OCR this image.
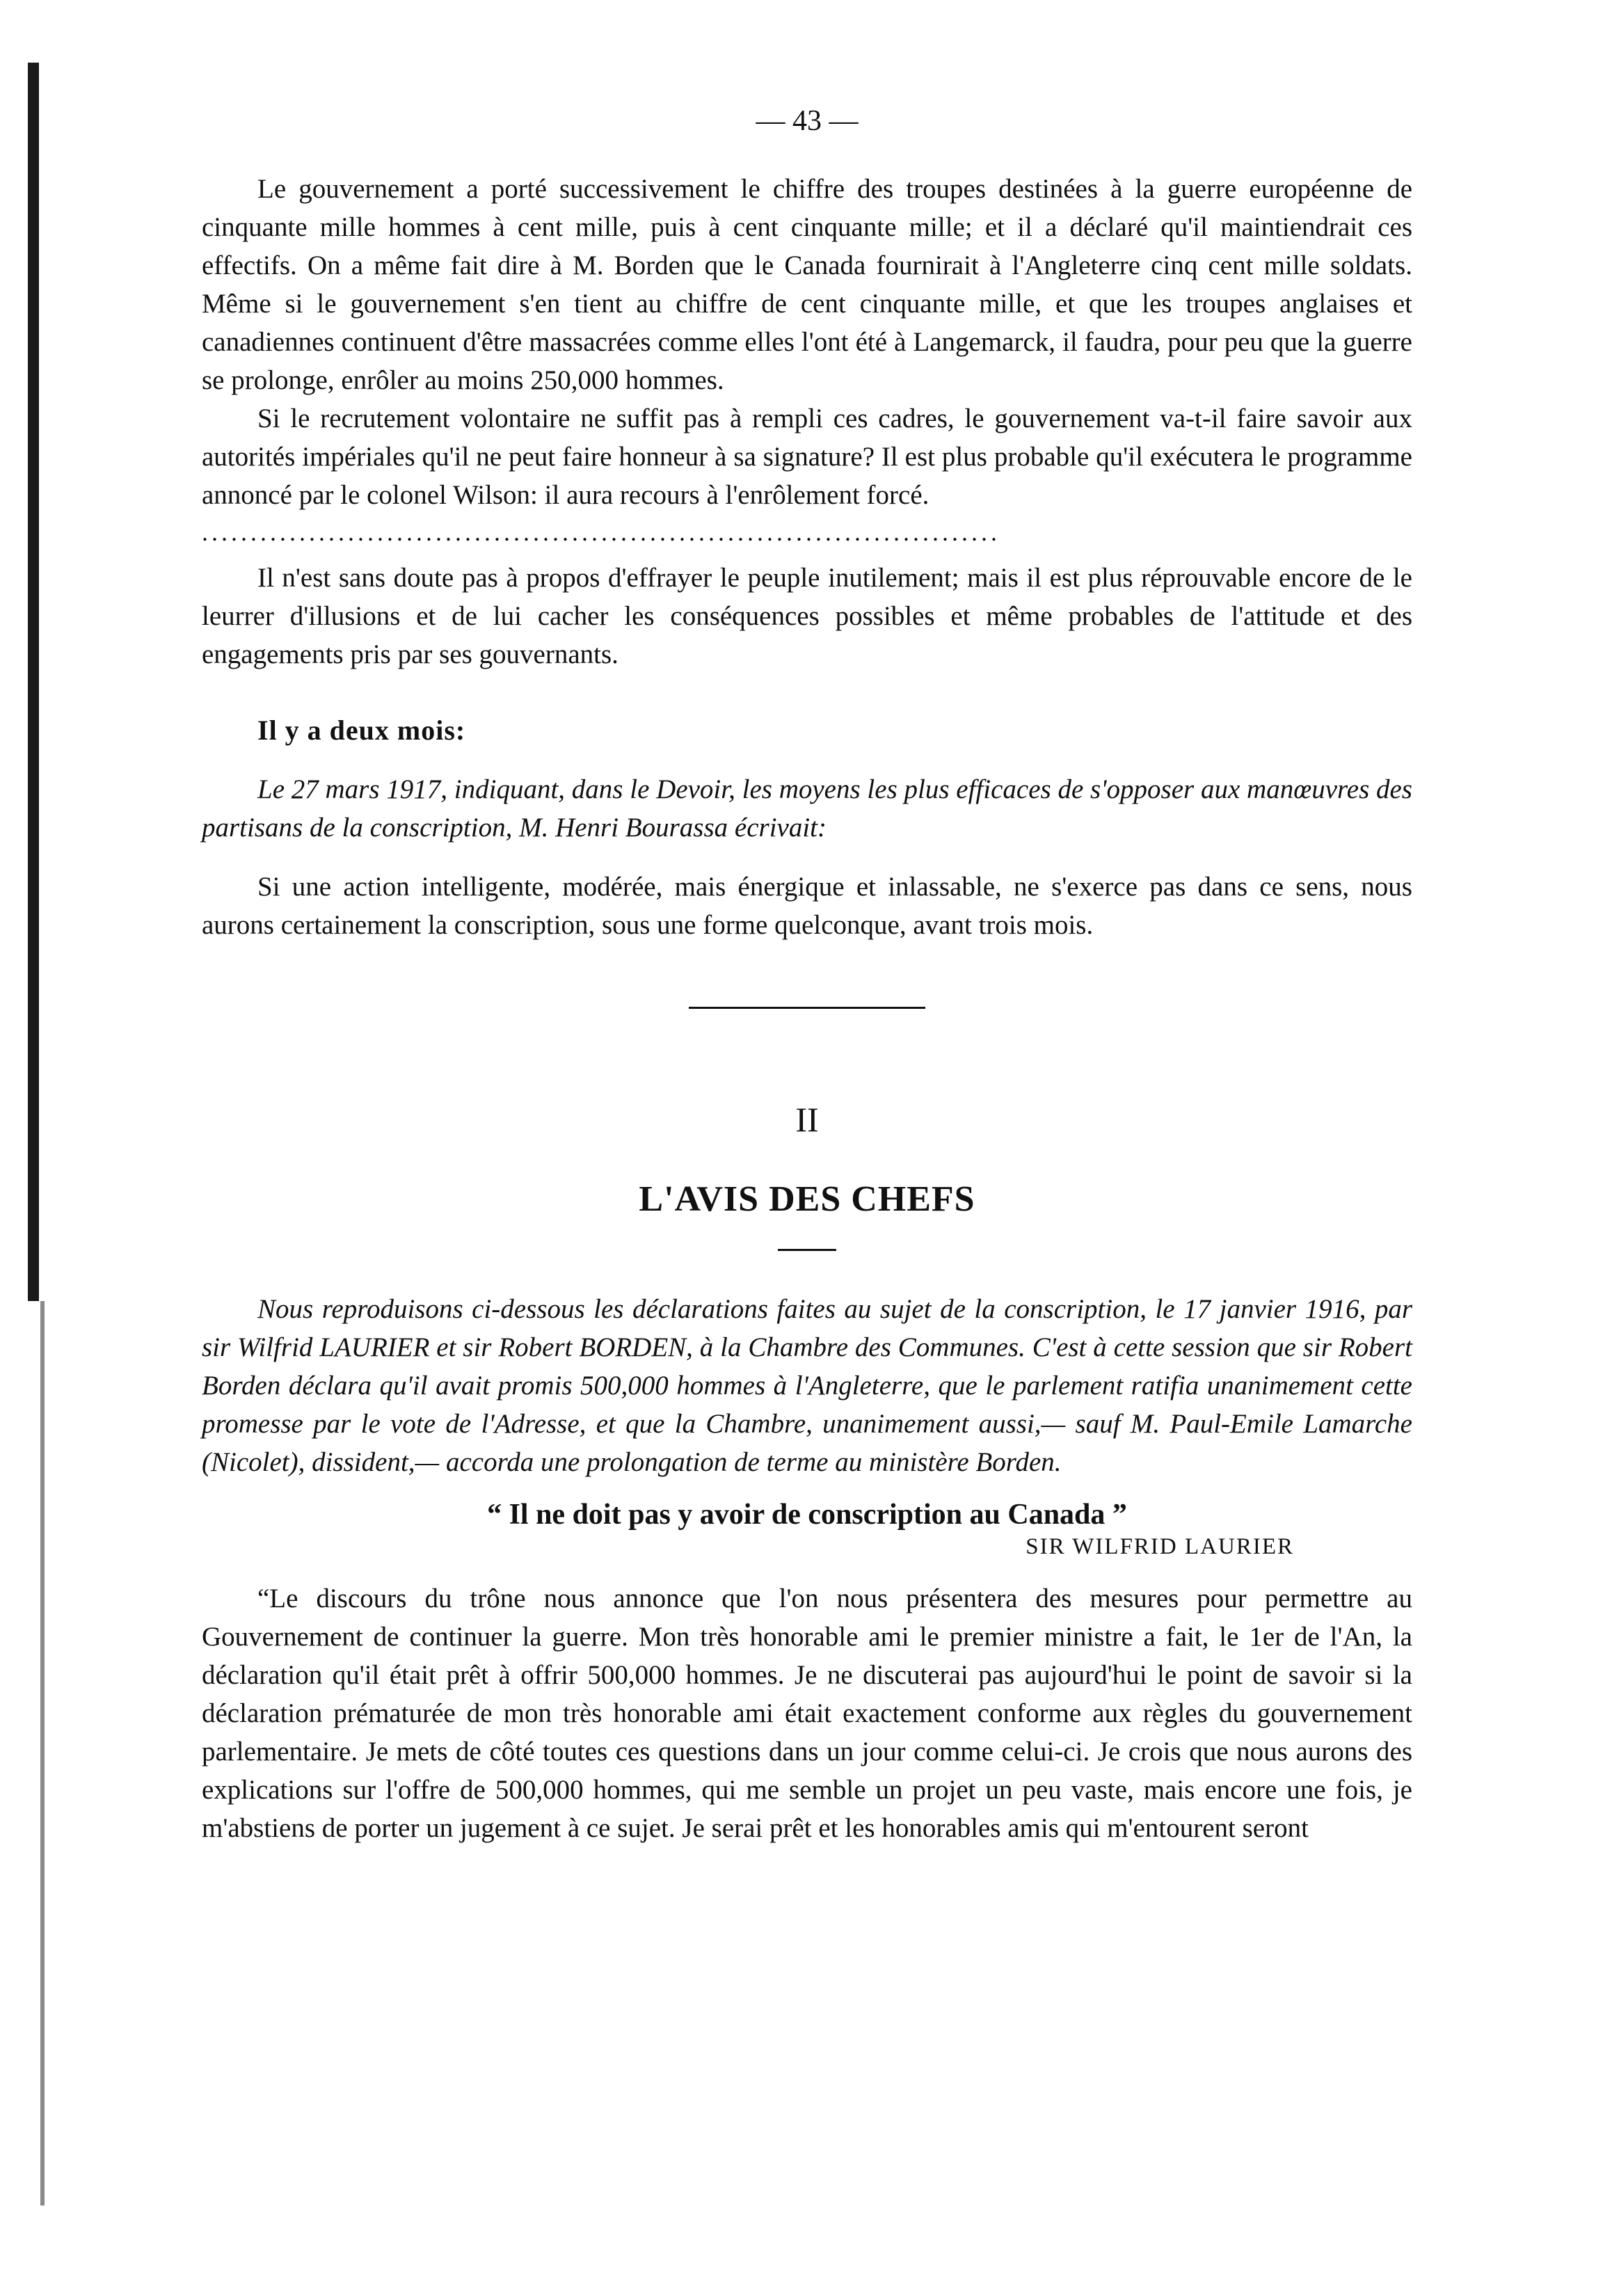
— 43 —

Le gouvernement a porté successivement le chiffre des troupes destinées à la guerre européenne de cinquante mille hommes à cent mille, puis à cent cinquante mille; et il a déclaré qu'il maintiendrait ces effectifs. On a même fait dire à M. Borden que le Canada fournirait à l'Angleterre cinq cent mille soldats. Même si le gouvernement s'en tient au chiffre de cent cinquante mille, et que les troupes anglaises et canadiennes continuent d'être massacrées comme elles l'ont été à Langemarck, il faudra, pour peu que la guerre se prolonge, enrôler au moins 250,000 hommes.

Si le recrutement volontaire ne suffit pas à rempli ces cadres, le gouvernement va-t-il faire savoir aux autorités impériales qu'il ne peut faire honneur à sa signature? Il est plus probable qu'il exécutera le programme annoncé par le colonel Wilson: il aura recours à l'enrôlement forcé.

..................................................................................

Il n'est sans doute pas à propos d'effrayer le peuple inutilement; mais il est plus réprouvable encore de le leurrer d'illusions et de lui cacher les conséquences possibles et même probables de l'attitude et des engagements pris par ses gouvernants.

Il y a deux mois:

Le 27 mars 1917, indiquant, dans le Devoir, les moyens les plus efficaces de s'opposer aux manœuvres des partisans de la conscription, M. Henri Bourassa écrivait:

Si une action intelligente, modérée, mais énergique et inlassable, ne s'exerce pas dans ce sens, nous aurons certainement la conscription, sous une forme quelconque, avant trois mois.

II
L'AVIS DES CHEFS

Nous reproduisons ci-dessous les déclarations faites au sujet de la conscription, le 17 janvier 1916, par sir Wilfrid LAURIER et sir Robert BORDEN, à la Chambre des Communes. C'est à cette session que sir Robert Borden déclara qu'il avait promis 500,000 hommes à l'Angleterre, que le parlement ratifia unanimement cette promesse par le vote de l'Adresse, et que la Chambre, unanimement aussi,— sauf M. Paul-Emile Lamarche (Nicolet), dissident,— accorda une prolongation de terme au ministère Borden.

“ Il ne doit pas y avoir de conscription au Canada ”
SIR WILFRID LAURIER

“Le discours du trône nous annonce que l'on nous présentera des mesures pour permettre au Gouvernement de continuer la guerre. Mon très honorable ami le premier ministre a fait, le 1er de l'An, la déclaration qu'il était prêt à offrir 500,000 hommes. Je ne discuterai pas aujourd'hui le point de savoir si la déclaration prématurée de mon très honorable ami était exactement conforme aux règles du gouvernement parlementaire. Je mets de côté toutes ces questions dans un jour comme celui-ci. Je crois que nous aurons des explications sur l'offre de 500,000 hommes, qui me semble un projet un peu vaste, mais encore une fois, je m'abstiens de porter un jugement à ce sujet. Je serai prêt et les honorables amis qui m'entourent seront
